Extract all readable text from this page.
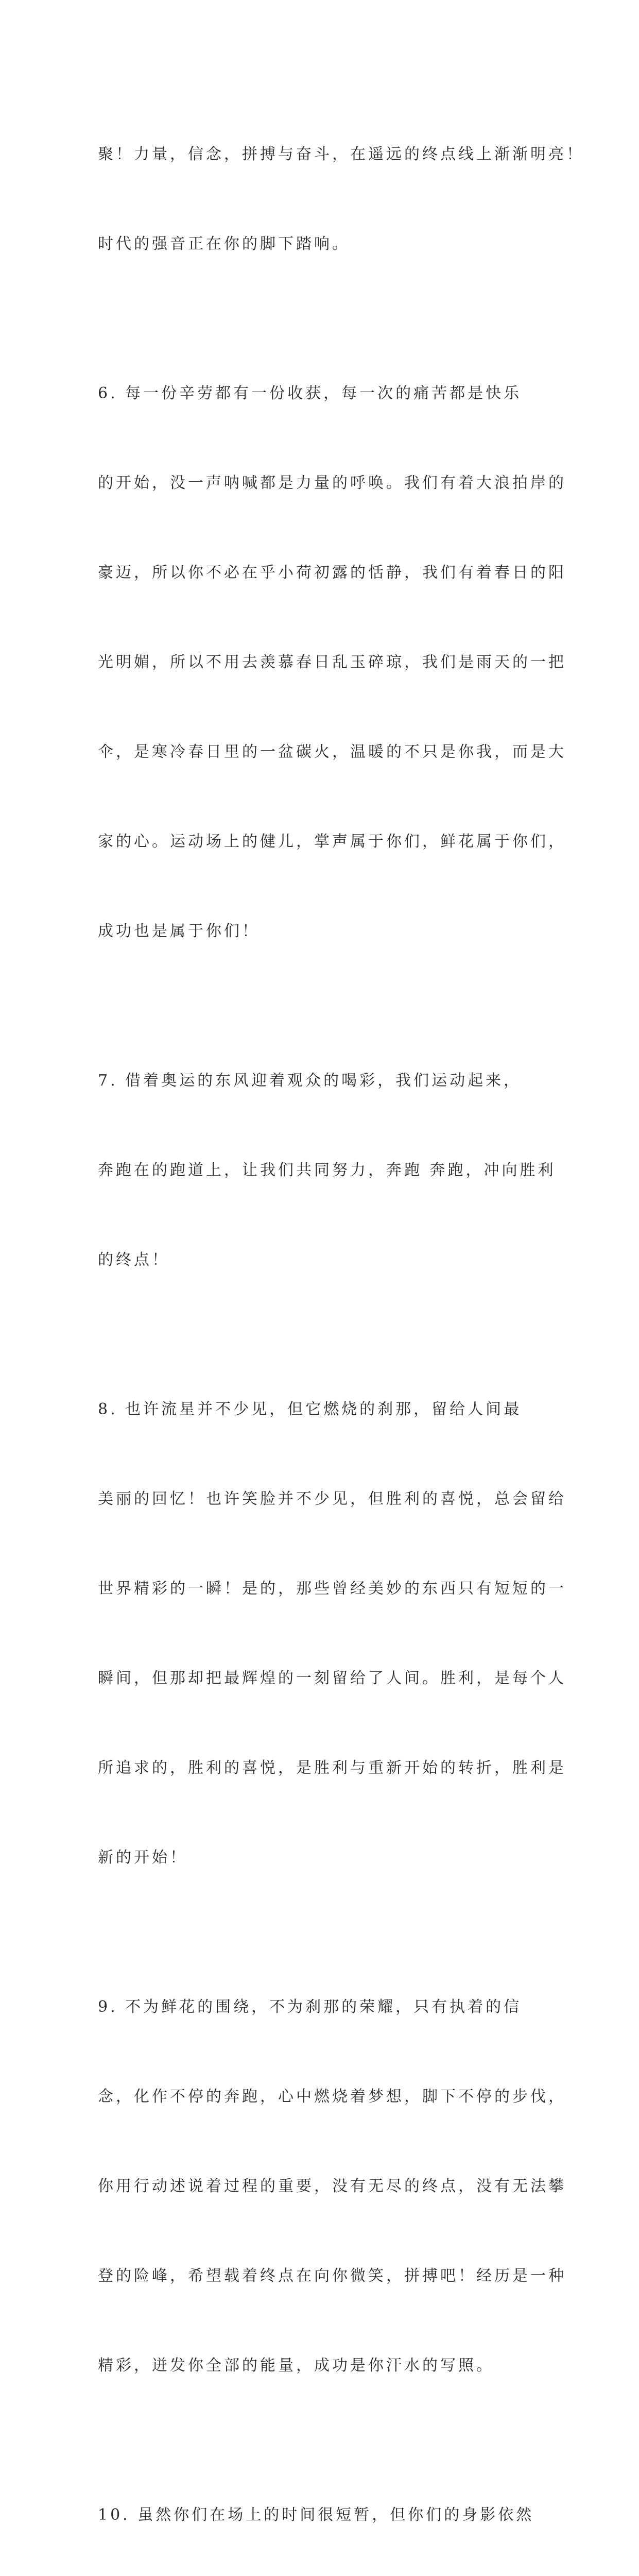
聚！力量，信念，拼搏与奋斗，在遥远的终点线上渐渐明亮！

时代的强音正在你的脚下踏响。

6. 每一份辛劳都有一份收获，每一次的痛苦都是快乐

的开始，没一声呐喊都是力量的呼唤。我们有着大浪拍岸的

豪迈，所以你不必在乎小荷初露的恬静，我们有着春日的阳

光明媚，所以不用去羡慕春日乱玉碎琼，我们是雨天的一把

伞，是寒冷春日里的一盆碳火，温暖的不只是你我，而是大

家的心。运动场上的健儿，掌声属于你们，鲜花属于你们，

成功也是属于你们！

7. 借着奥运的东风迎着观众的喝彩，我们运动起来，

奔跑在的跑道上，让我们共同努力，奔跑 奔跑，冲向胜利

的终点！

8. 也许流星并不少见，但它燃烧的刹那，留给人间最

美丽的回忆！也许笑脸并不少见，但胜利的喜悦，总会留给

世界精彩的一瞬！是的，那些曾经美妙的东西只有短短的一

瞬间，但那却把最辉煌的一刻留给了人间。胜利，是每个人

所追求的，胜利的喜悦，是胜利与重新开始的转折，胜利是

新的开始！

9. 不为鲜花的围绕，不为刹那的荣耀，只有执着的信

念，化作不停的奔跑，心中燃烧着梦想，脚下不停的步伐，

你用行动述说着过程的重要，没有无尽的终点，没有无法攀

登的险峰，希望载着终点在向你微笑，拼搏吧！经历是一种

精彩，迸发你全部的能量，成功是你汗水的写照。

10. 虽然你们在场上的时间很短暂，但你们的身影依然
